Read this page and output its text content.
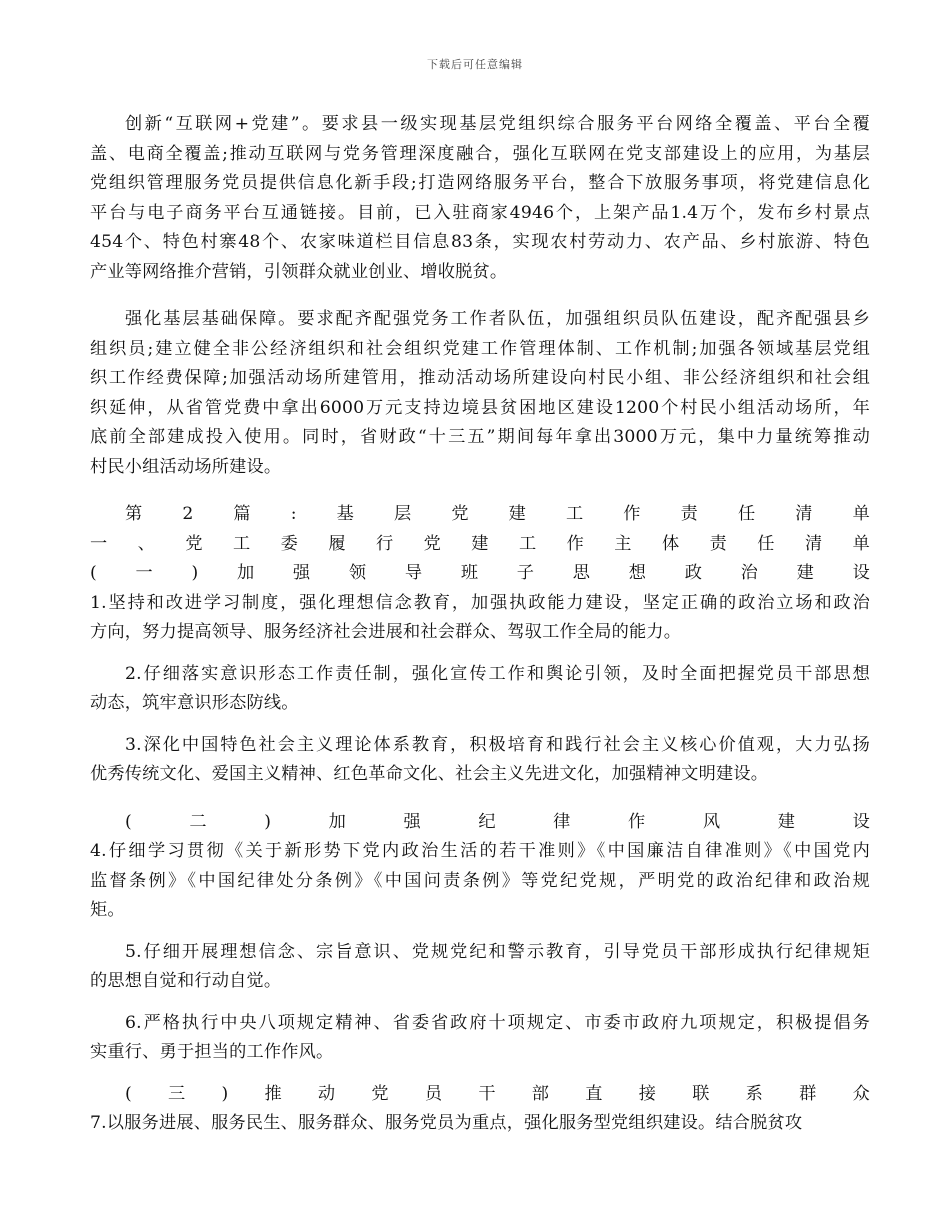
下载后可任意编辑
创新“互联网+党建”。要求县一级实现基层党组织综合服务平台网络全覆盖、平台全覆
盖、电商全覆盖;推动互联网与党务管理深度融合，强化互联网在党支部建设上的应用，为基层
党组织管理服务党员提供信息化新手段;打造网络服务平台，整合下放服务事项，将党建信息化
平台与电子商务平台互通链接。目前，已入驻商家4946个，上架产品1.4万个，发布乡村景点
454个、特色村寨48个、农家味道栏目信息83条，实现农村劳动力、农产品、乡村旅游、特色
产业等网络推介营销，引领群众就业创业、增收脱贫。
强化基层基础保障。要求配齐配强党务工作者队伍，加强组织员队伍建设，配齐配强县乡
组织员;建立健全非公经济组织和社会组织党建工作管理体制、工作机制;加强各领域基层党组
织工作经费保障;加强活动场所建管用，推动活动场所建设向村民小组、非公经济组织和社会组
织延伸，从省管党费中拿出6000万元支持边境县贫困地区建设1200个村民小组活动场所，年
底前全部建成投入使用。同时，省财政“十三五”期间每年拿出3000万元，集中力量统筹推动
村民小组活动场所建设。
第2篇:基层党建工作责任清单
一、党工委履行党建工作主体责任清单
(一)加强领导班子思想政治建设
1.坚持和改进学习制度，强化理想信念教育，加强执政能力建设，坚定正确的政治立场和政治
方向，努力提高领导、服务经济社会进展和社会群众、驾驭工作全局的能力。
2.仔细落实意识形态工作责任制，强化宣传工作和舆论引领，及时全面把握党员干部思想
动态，筑牢意识形态防线。
3.深化中国特色社会主义理论体系教育，积极培育和践行社会主义核心价值观，大力弘扬
优秀传统文化、爱国主义精神、红色革命文化、社会主义先进文化，加强精神文明建设。
(二)加强纪律作风建设
4.仔细学习贯彻《关于新形势下党内政治生活的若干准则》《中国廉洁自律准则》《中国党内
监督条例》《中国纪律处分条例》《中国问责条例》等党纪党规，严明党的政治纪律和政治规
矩。
5.仔细开展理想信念、宗旨意识、党规党纪和警示教育，引导党员干部形成执行纪律规矩
的思想自觉和行动自觉。
6.严格执行中央八项规定精神、省委省政府十项规定、市委市政府九项规定，积极提倡务
实重行、勇于担当的工作作风。
(三)推动党员干部直接联系群众
7.以服务进展、服务民生、服务群众、服务党员为重点，强化服务型党组织建设。结合脱贫攻
